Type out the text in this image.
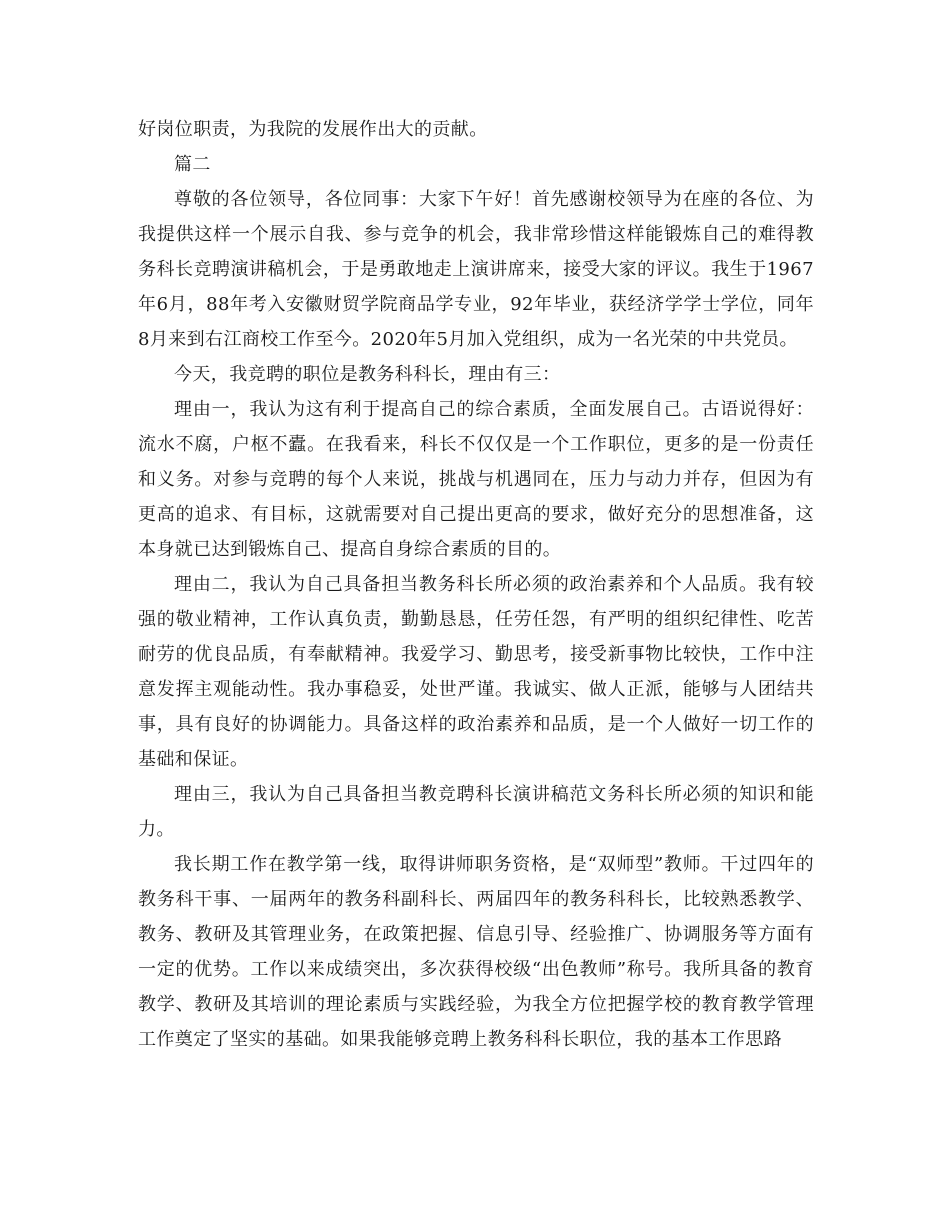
好岗位职责，为我院的发展作出大的贡献。

篇二

尊敬的各位领导，各位同事：大家下午好！首先感谢校领导为在座的各位、为我提供这样一个展示自我、参与竞争的机会，我非常珍惜这样能锻炼自己的难得教务科长竞聘演讲稿机会，于是勇敢地走上演讲席来，接受大家的评议。我生于1967年6月，88年考入安徽财贸学院商品学专业，92年毕业，获经济学学士学位，同年8月来到右江商校工作至今。2020年5月加入党组织，成为一名光荣的中共党员。

今天，我竞聘的职位是教务科科长，理由有三：

理由一，我认为这有利于提高自己的综合素质，全面发展自己。古语说得好：流水不腐，户枢不蠹。在我看来，科长不仅仅是一个工作职位，更多的是一份责任和义务。对参与竞聘的每个人来说，挑战与机遇同在，压力与动力并存，但因为有更高的追求、有目标，这就需要对自己提出更高的要求，做好充分的思想准备，这本身就已达到锻炼自己、提高自身综合素质的目的。

理由二，我认为自己具备担当教务科长所必须的政治素养和个人品质。我有较强的敬业精神，工作认真负责，勤勤恳恳，任劳任怨，有严明的组织纪律性、吃苦耐劳的优良品质，有奉献精神。我爱学习、勤思考，接受新事物比较快，工作中注意发挥主观能动性。我办事稳妥，处世严谨。我诚实、做人正派，能够与人团结共事，具有良好的协调能力。具备这样的政治素养和品质，是一个人做好一切工作的基础和保证。

理由三，我认为自己具备担当教竞聘科长演讲稿范文务科长所必须的知识和能力。

我长期工作在教学第一线，取得讲师职务资格，是“双师型”教师。干过四年的教务科干事、一届两年的教务科副科长、两届四年的教务科科长，比较熟悉教学、教务、教研及其管理业务，在政策把握、信息引导、经验推广、协调服务等方面有一定的优势。工作以来成绩突出，多次获得校级“出色教师”称号。我所具备的教育教学、教研及其培训的理论素质与实践经验，为我全方位把握学校的教育教学管理工作奠定了坚实的基础。如果我能够竞聘上教务科科长职位，我的基本工作思路
